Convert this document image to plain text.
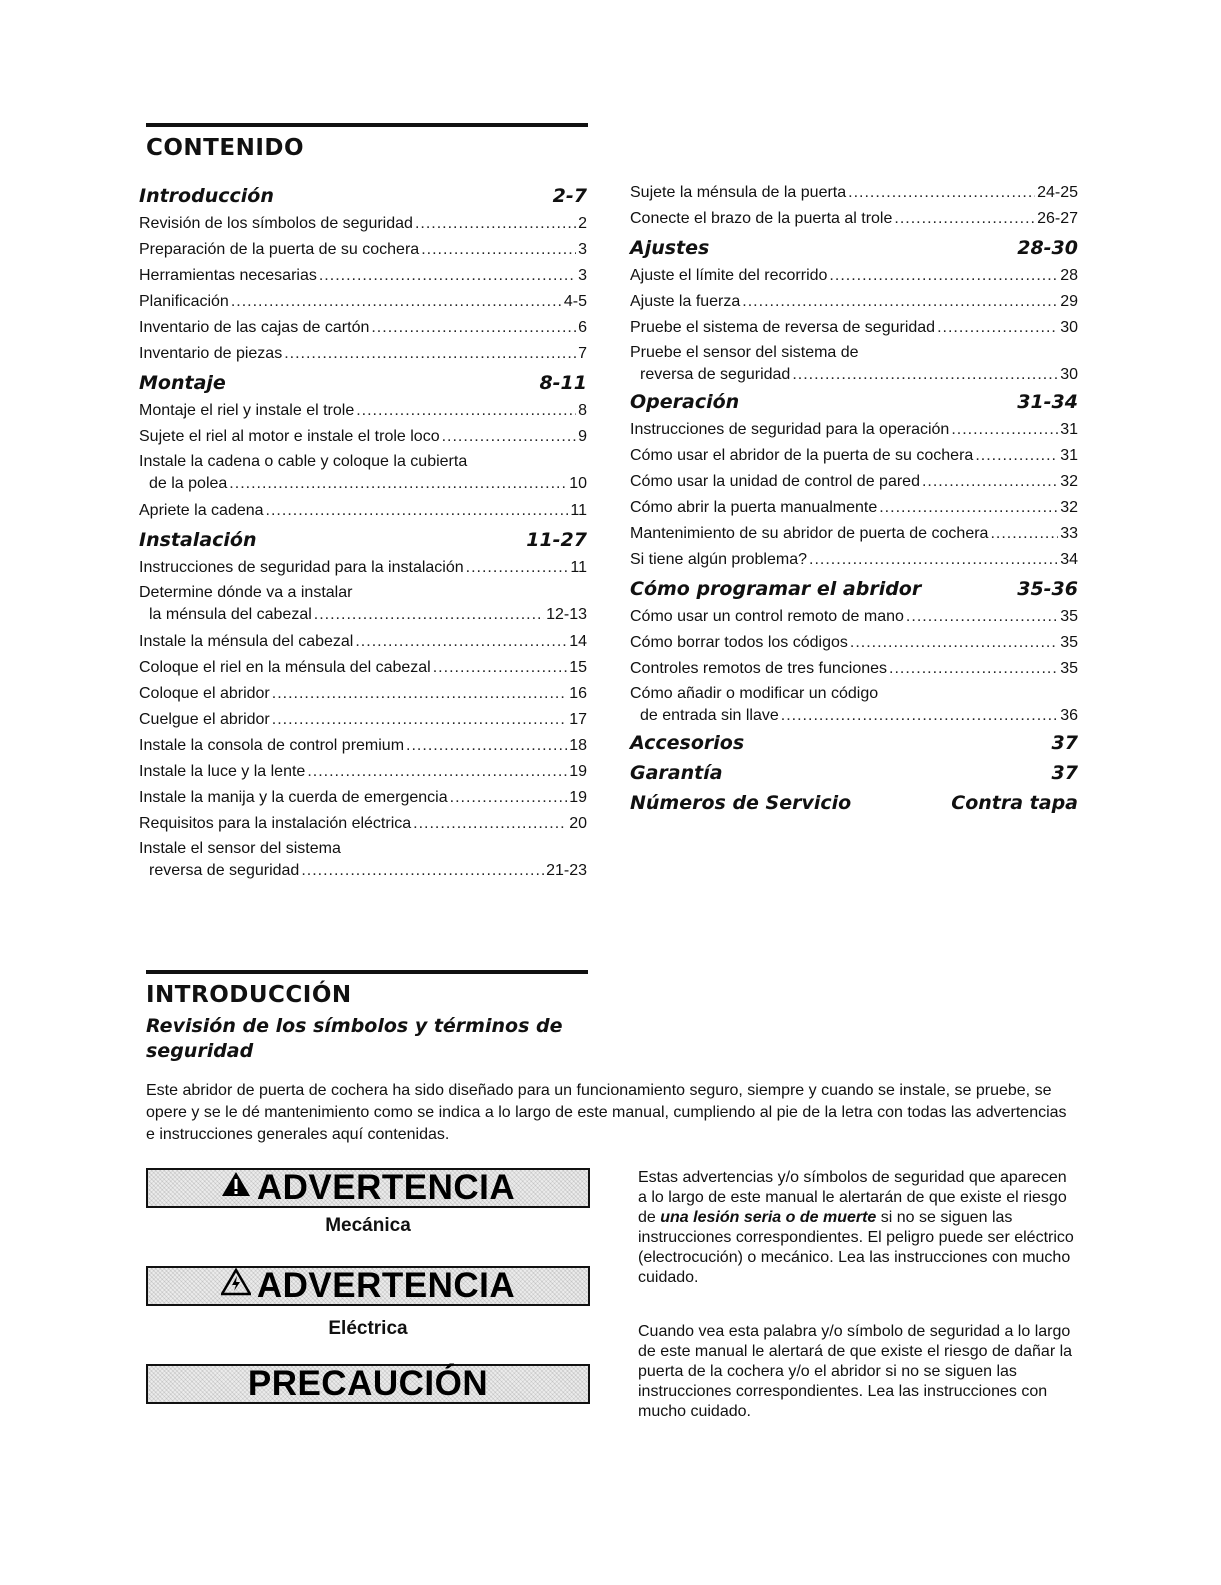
CONTENIDO
Introducción	2-7
Revisión de los símbolos de seguridad .....	2
Preparación de la puerta de su cochera .....	3
Herramientas necesarias .....	3
Planificación .....	4-5
Inventario de las cajas de cartón .....	6
Inventario de piezas .....	7
Montaje	8-11
Montaje el riel y instale el trole .....	8
Sujete el riel al motor e instale el trole loco .....	9
Instale la cadena o cable y coloque la cubierta
de la polea .....	10
Apriete la cadena .....	11
Instalación	11-27
Instrucciones de seguridad para la instalación .....	11
Determine dónde va a instalar
la ménsula del cabezal .....	12-13
Instale la ménsula del cabezal .....	14
Coloque el riel en la ménsula del cabezal .....	15
Coloque el abridor .....	16
Cuelgue el abridor .....	17
Instale la consola de control premium .....	18
Instale la luce y la lente .....	19
Instale la manija y la cuerda de emergencia .....	19
Requisitos para la instalación eléctrica .....	20
Instale el sensor del sistema
reversa de seguridad .....	21-23
Sujete la ménsula de la puerta .....	24-25
Conecte el brazo de la puerta al trole .....	26-27
Ajustes	28-30
Ajuste el límite del recorrido .....	28
Ajuste la fuerza .....	29
Pruebe el sistema de reversa de seguridad .....	30
Pruebe el sensor del sistema de
reversa de seguridad .....	30
Operación	31-34
Instrucciones de seguridad para la operación .....	31
Cómo usar el abridor de la puerta de su cochera .....	31
Cómo usar la unidad de control de pared .....	32
Cómo abrir la puerta manualmente .....	32
Mantenimiento de su abridor de puerta de cochera .....	33
Si tiene algún problema? .....	34
Cómo programar el abridor	35-36
Cómo usar un control remoto de mano .....	35
Cómo borrar todos los códigos .....	35
Controles remotos de tres funciones .....	35
Cómo añadir o modificar un código
de entrada sin llave .....	36
Accesorios	37
Garantía	37
Números de Servicio	Contra tapa
INTRODUCCIÓN
Revisión de los símbolos y términos de seguridad
Este abridor de puerta de cochera ha sido diseñado para un funcionamiento seguro, siempre y cuando se instale, se pruebe, se opere y se le dé mantenimiento como se indica a lo largo de este manual, cumpliendo al pie de la letra con todas las advertencias e instrucciones generales aquí contenidas.
ADVERTENCIA
Mecánica
ADVERTENCIA
Eléctrica
PRECAUCIÓN
Estas advertencias y/o símbolos de seguridad que aparecen a lo largo de este manual le alertarán de que existe el riesgo de una lesión seria o de muerte si no se siguen las instrucciones correspondientes. El peligro puede ser eléctrico (electrocución) o mecánico. Lea las instrucciones con mucho cuidado.
Cuando vea esta palabra y/o símbolo de seguridad a lo largo de este manual le alertará de que existe el riesgo de dañar la puerta de la cochera y/o el abridor si no se siguen las instrucciones correspondientes. Lea las instrucciones con mucho cuidado.
